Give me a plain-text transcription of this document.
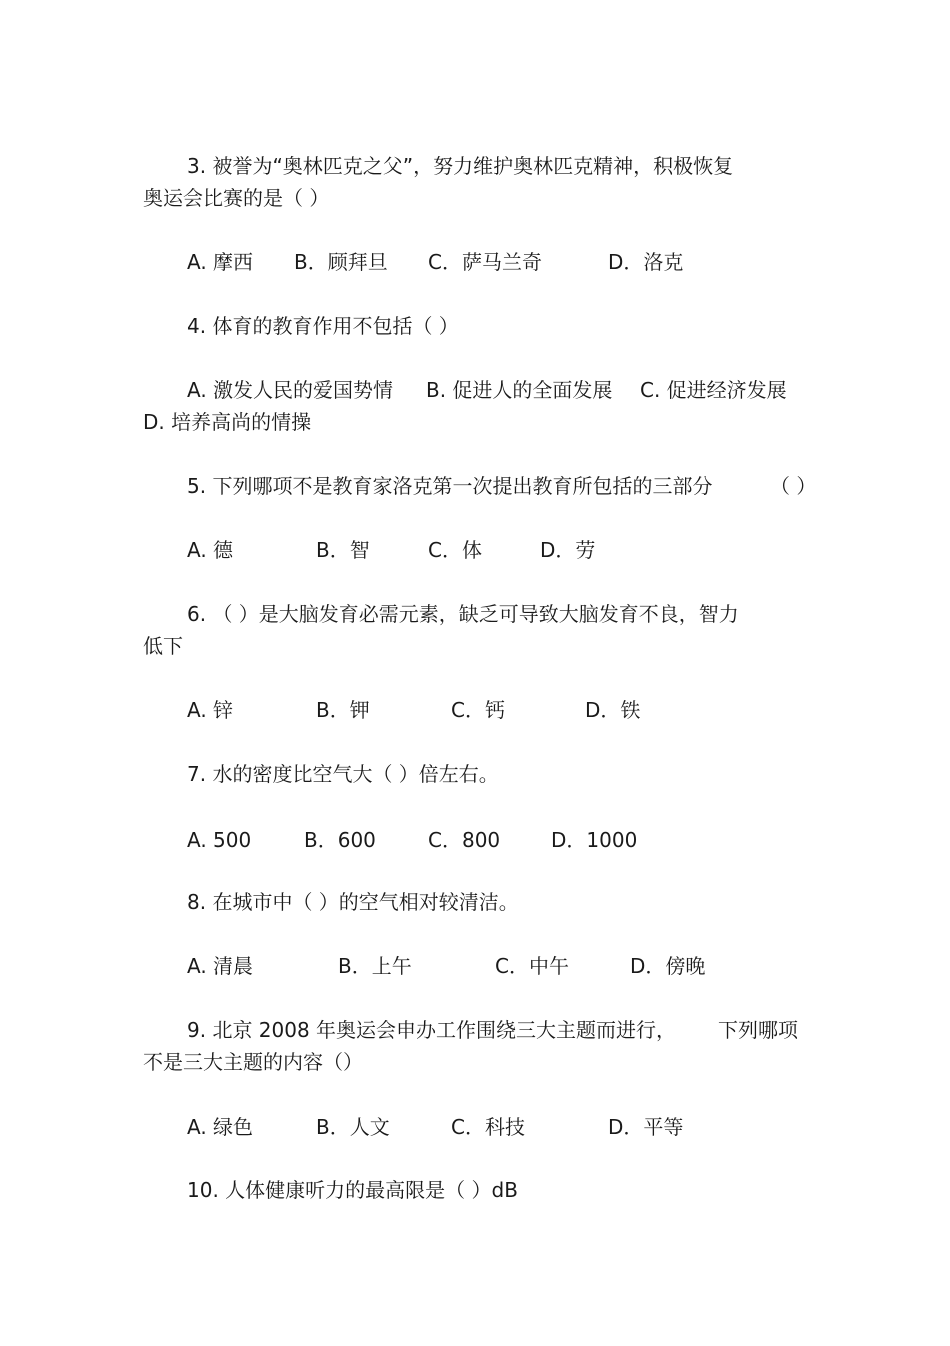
3. 被誉为“奥林匹克之父”，努力维护奥林匹克精神，积极恢复
奥运会比赛的是（ ）
A. 摩西 B．顾拜旦 C．萨马兰奇	D．洛克
4. 体育的教育作用不包括（ ）
A. 激发人民的爱国势情 B. 促进人的全面发展 C. 促进经济发展
D. 培养高尚的情操
5. 下列哪项不是教育家洛克第一次提出教育所包括的三部分	（ ）
A. 德	B．智	C．体	D．劳
6. （ ）是大脑发育必需元素，缺乏可导致大脑发育不良，智力
低下
A. 锌	B．钾	C．钙	D．铁
7. 水的密度比空气大（ ）倍左右。
A. 500	B．600	C．800	D．1000
8. 在城市中（ ）的空气相对较清洁。
A. 清晨	B．上午	C．中午	D．傍晚
9. 北京 2008 年奥运会申办工作围绕三大主题而进行， 下列哪项
不是三大主题的内容（）
A. 绿色	B．人文	C．科技	D．平等
10. 人体健康听力的最高限是（ ）dB
